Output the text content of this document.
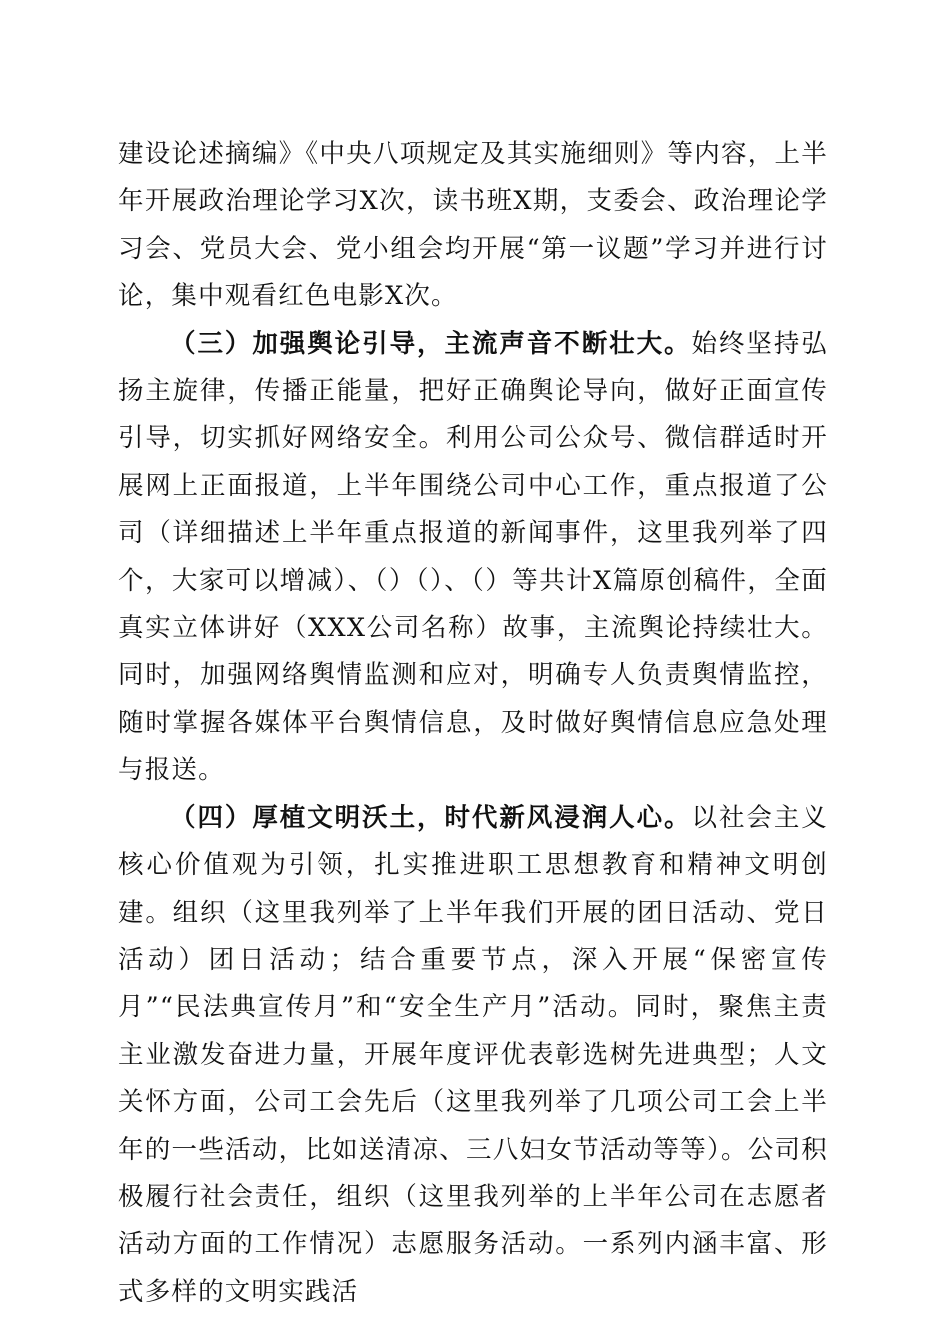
建设论述摘编》《中央八项规定及其实施细则》等内容，上半年开展政治理论学习X次，读书班X期，支委会、政治理论学习会、党员大会、党小组会均开展“第一议题”学习并进行讨论，集中观看红色电影X次。

（三）加强舆论引导，主流声音不断壮大。始终坚持弘扬主旋律，传播正能量，把好正确舆论导向，做好正面宣传引导，切实抓好网络安全。利用公司公众号、微信群适时开展网上正面报道，上半年围绕公司中心工作，重点报道了公司（详细描述上半年重点报道的新闻事件，这里我列举了四个，大家可以增减）、（）（）、（）等共计X篇原创稿件，全面真实立体讲好（XXX公司名称）故事，主流舆论持续壮大。同时，加强网络舆情监测和应对，明确专人负责舆情监控，随时掌握各媒体平台舆情信息，及时做好舆情信息应急处理与报送。

（四）厚植文明沃土，时代新风浸润人心。以社会主义核心价值观为引领，扎实推进职工思想教育和精神文明创建。组织（这里我列举了上半年我们开展的团日活动、党日活动）团日活动；结合重要节点，深入开展“保密宣传月”“民法典宣传月”和“安全生产月”活动。同时，聚焦主责主业激发奋进力量，开展年度评优表彰选树先进典型；人文关怀方面，公司工会先后（这里我列举了几项公司工会上半年的一些活动，比如送清凉、三八妇女节活动等等）。公司积极履行社会责任，组织（这里我列举的上半年公司在志愿者活动方面的工作情况）志愿服务活动。一系列内涵丰富、形式多样的文明实践活
